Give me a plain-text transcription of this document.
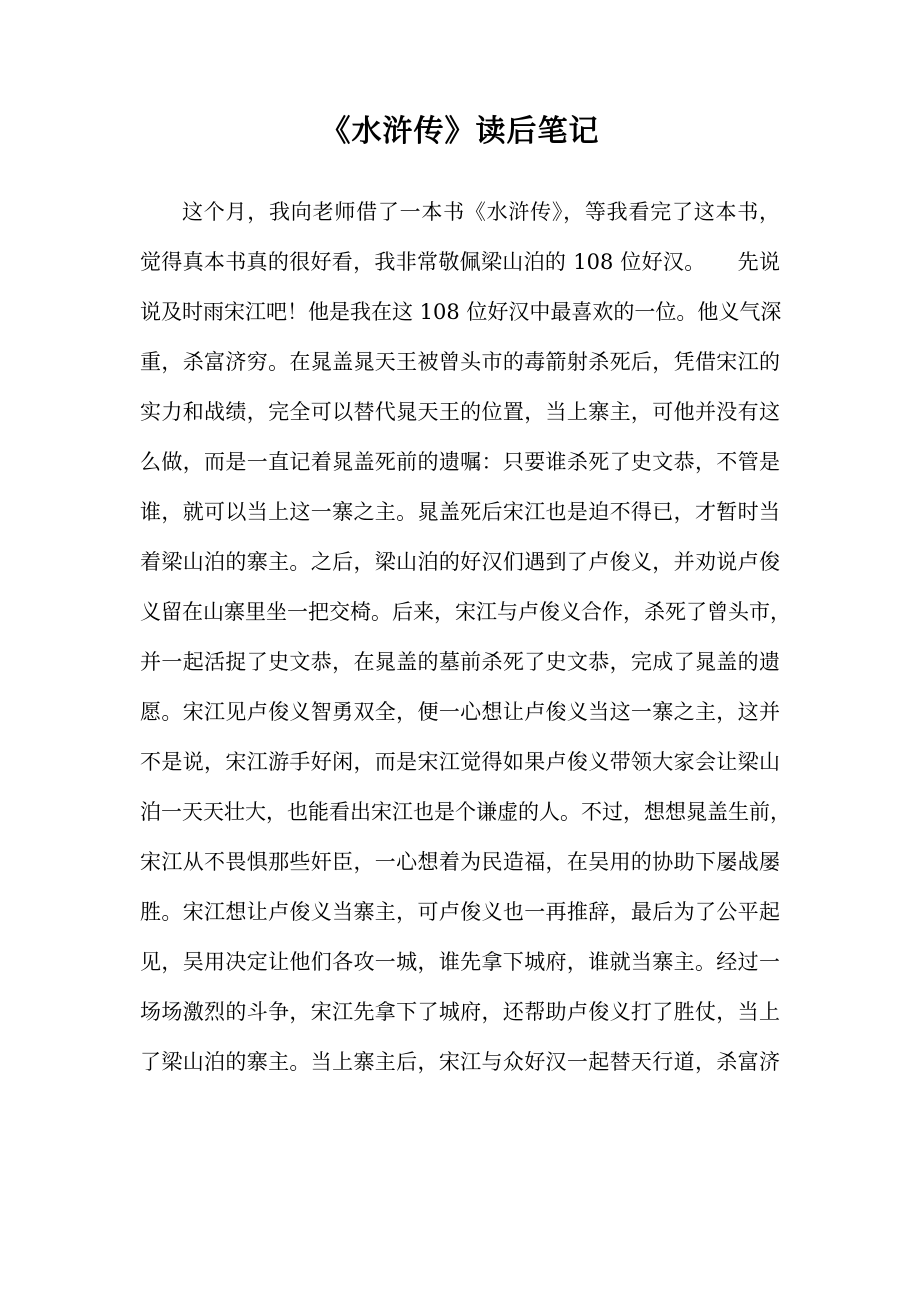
《水浒传》读后笔记
这个月，我向老师借了一本书《水浒传》，等我看完了这本书，
觉得真本书真的很好看，我非常敬佩梁山泊的 108 位好汉。　　先说
说及时雨宋江吧！他是我在这 108 位好汉中最喜欢的一位。他义气深
重，杀富济穷。在晁盖晁天王被曾头市的毒箭射杀死后，凭借宋江的
实力和战绩，完全可以替代晁天王的位置，当上寨主，可他并没有这
么做，而是一直记着晁盖死前的遗嘱：只要谁杀死了史文恭，不管是
谁，就可以当上这一寨之主。晁盖死后宋江也是迫不得已，才暂时当
着梁山泊的寨主。之后，梁山泊的好汉们遇到了卢俊义，并劝说卢俊
义留在山寨里坐一把交椅。后来，宋江与卢俊义合作，杀死了曾头市，
并一起活捉了史文恭，在晁盖的墓前杀死了史文恭，完成了晁盖的遗
愿。宋江见卢俊义智勇双全，便一心想让卢俊义当这一寨之主，这并
不是说，宋江游手好闲，而是宋江觉得如果卢俊义带领大家会让梁山
泊一天天壮大，也能看出宋江也是个谦虚的人。不过，想想晁盖生前，
宋江从不畏惧那些奸臣，一心想着为民造福，在吴用的协助下屡战屡
胜。宋江想让卢俊义当寨主，可卢俊义也一再推辞，最后为了公平起
见，吴用决定让他们各攻一城，谁先拿下城府，谁就当寨主。经过一
场场激烈的斗争，宋江先拿下了城府，还帮助卢俊义打了胜仗，当上
了梁山泊的寨主。当上寨主后，宋江与众好汉一起替天行道，杀富济
